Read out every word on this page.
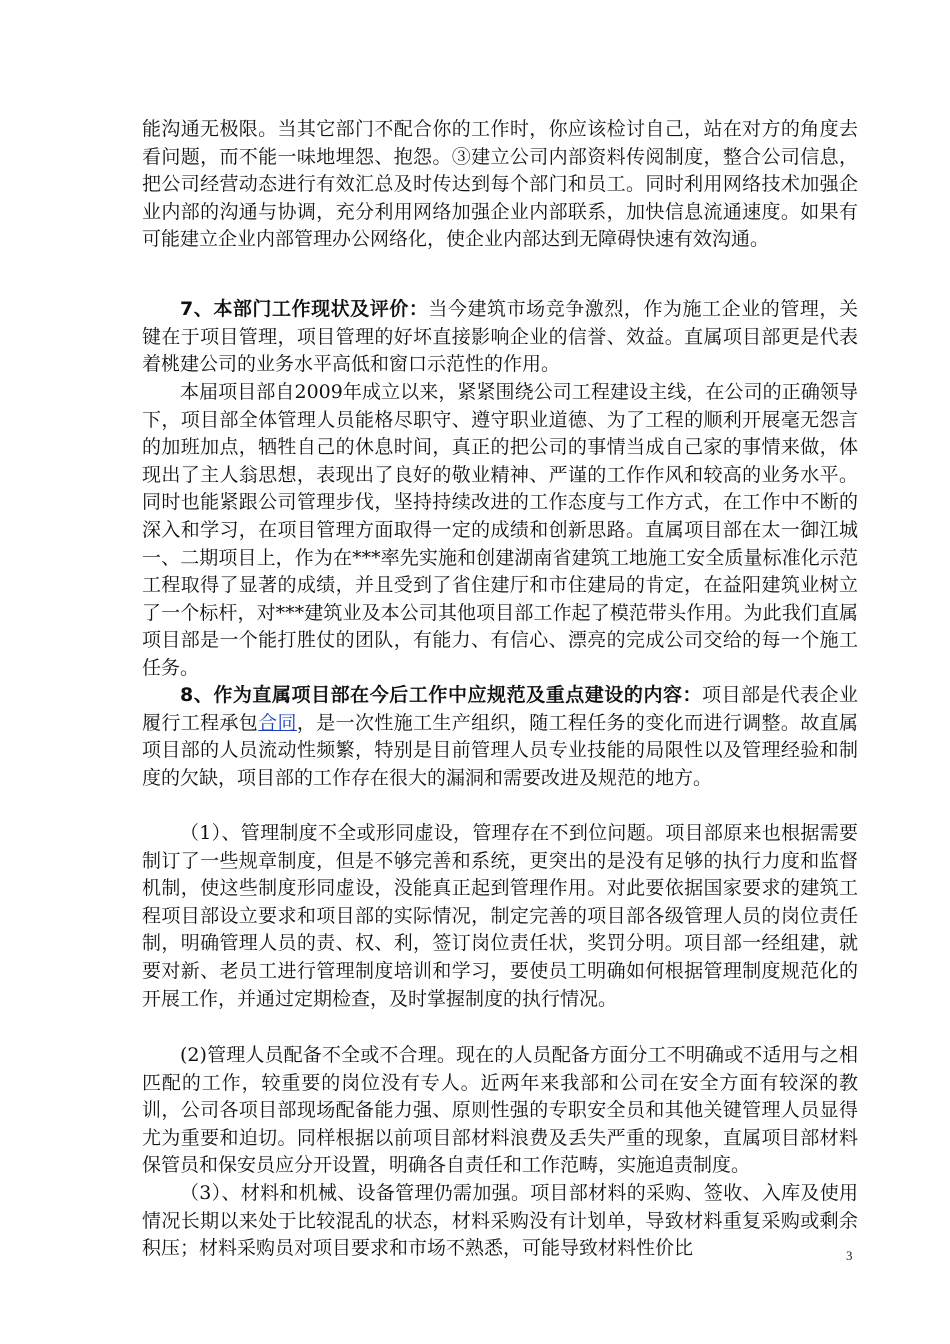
能沟通无极限。当其它部门不配合你的工作时，你应该检讨自己，站在对方的角度去看问题，而不能一味地埋怨、抱怨。③建立公司内部资料传阅制度，整合公司信息，把公司经营动态进行有效汇总及时传达到每个部门和员工。同时利用网络技术加强企业内部的沟通与协调，充分利用网络加强企业内部联系，加快信息流通速度。如果有可能建立企业内部管理办公网络化，使企业内部达到无障碍快速有效沟通。

7、本部门工作现状及评价：当今建筑市场竞争激烈，作为施工企业的管理，关键在于项目管理，项目管理的好坏直接影响企业的信誉、效益。直属项目部更是代表着桃建公司的业务水平高低和窗口示范性的作用。

本届项目部自2009年成立以来，紧紧围绕公司工程建设主线，在公司的正确领导下，项目部全体管理人员能格尽职守、遵守职业道德、为了工程的顺利开展毫无怨言的加班加点，牺牲自己的休息时间，真正的把公司的事情当成自己家的事情来做，体现出了主人翁思想，表现出了良好的敬业精神、严谨的工作作风和较高的业务水平。同时也能紧跟公司管理步伐，坚持持续改进的工作态度与工作方式，在工作中不断的深入和学习，在项目管理方面取得一定的成绩和创新思路。直属项目部在太一御江城一、二期项目上，作为在***率先实施和创建湖南省建筑工地施工安全质量标准化示范工程取得了显著的成绩，并且受到了省住建厅和市住建局的肯定，在益阳建筑业树立了一个标杆，对***建筑业及本公司其他项目部工作起了模范带头作用。为此我们直属项目部是一个能打胜仗的团队，有能力、有信心、漂亮的完成公司交给的每一个施工任务。

8、作为直属项目部在今后工作中应规范及重点建设的内容：项目部是代表企业履行工程承包合同，是一次性施工生产组织，随工程任务的变化而进行调整。故直属项目部的人员流动性频繁，特别是目前管理人员专业技能的局限性以及管理经验和制度的欠缺，项目部的工作存在很大的漏洞和需要改进及规范的地方。

（1）、管理制度不全或形同虚设，管理存在不到位问题。项目部原来也根据需要制订了一些规章制度，但是不够完善和系统，更突出的是没有足够的执行力度和监督机制，使这些制度形同虚设，没能真正起到管理作用。对此要依据国家要求的建筑工程项目部设立要求和项目部的实际情况，制定完善的项目部各级管理人员的岗位责任制，明确管理人员的责、权、利，签订岗位责任状，奖罚分明。项目部一经组建，就要对新、老员工进行管理制度培训和学习，要使员工明确如何根据管理制度规范化的开展工作，并通过定期检查，及时掌握制度的执行情况。

(2)管理人员配备不全或不合理。现在的人员配备方面分工不明确或不适用与之相匹配的工作，较重要的岗位没有专人。近两年来我部和公司在安全方面有较深的教训，公司各项目部现场配备能力强、原则性强的专职安全员和其他关键管理人员显得尤为重要和迫切。同样根据以前项目部材料浪费及丢失严重的现象，直属项目部材料保管员和保安员应分开设置，明确各自责任和工作范畴，实施追责制度。

（3）、材料和机械、设备管理仍需加强。项目部材料的采购、签收、入库及使用情况长期以来处于比较混乱的状态，材料采购没有计划单，导致材料重复采购或剩余积压；材料采购员对项目要求和市场不熟悉，可能导致材料性价比	3
